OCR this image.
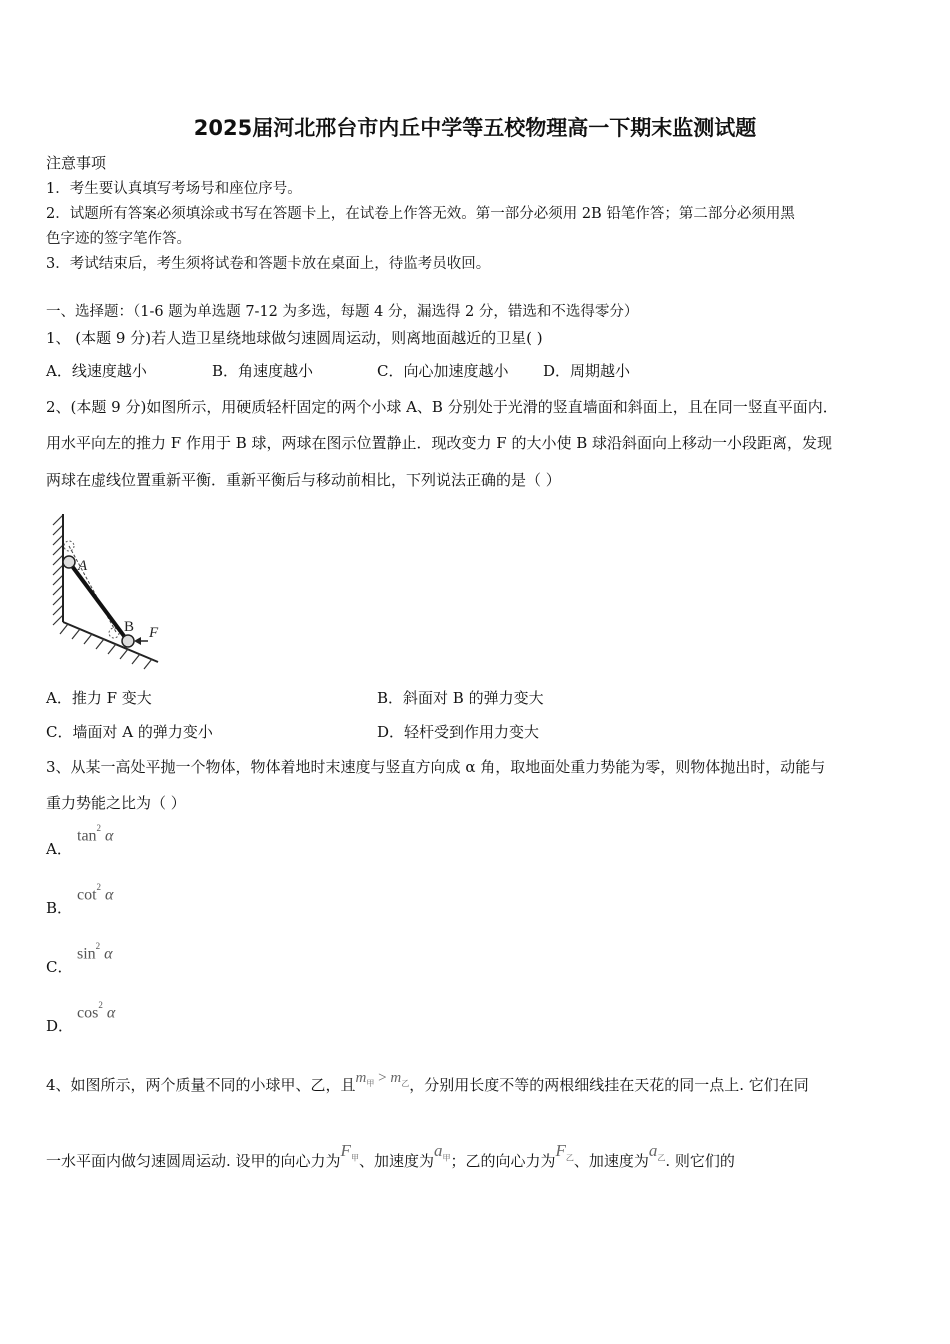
2025届河北邢台市内丘中学等五校物理高一下期末监测试题
注意事项
1．考生要认真填写考场号和座位序号。
2．试题所有答案必须填涂或书写在答题卡上，在试卷上作答无效。第一部分必须用 2B 铅笔作答；第二部分必须用黑
色字迹的签字笔作答。
3．考试结束后，考生须将试卷和答题卡放在桌面上，待监考员收回。
一、选择题：（1-6 题为单选题 7-12 为多选，每题 4 分，漏选得 2 分，错选和不选得零分）
1、 (本题 9 分)若人造卫星绕地球做匀速圆周运动，则离地面越近的卫星( )
A．线速度越小	B．角速度越小	C．向心加速度越小 D．周期越小
2、(本题 9 分)如图所示，用硬质轻杆固定的两个小球 A、B 分别处于光滑的竖直墙面和斜面上，且在同一竖直平面内．
用水平向左的推力 F 作用于 B 球，两球在图示位置静止．现改变力 F 的大小使 B 球沿斜面向上移动一小段距离，发现
两球在虚线位置重新平衡．重新平衡后与移动前相比，下列说法正确的是（ ）
A
B F
A．推力 F 变大	B．斜面对 B 的弹力变大
C．墙面对 A 的弹力变小	D．轻杆受到作用力变大
3、从某一高处平抛一个物体，物体着地时末速度与竖直方向成 α 角，取地面处重力势能为零，则物体抛出时，动能与
重力势能之比为（ ）
A．
$\tan^2 \alpha$
B．
$\cot^2 \alpha$
C．
$\sin^2 \alpha$
D．
$\cos^2 \alpha$
4、如图所示，两个质量不同的小球甲、乙，且$m_甲 > m_乙$，分别用长度不等的两根细线挂在天花的同一点上. 它们在同
一水平面内做匀速圆周运动. 设甲的向心力为$F_甲$、加速度为$a_甲$；乙的向心力为$F_乙$、加速度为$a_乙$. 则它们的
